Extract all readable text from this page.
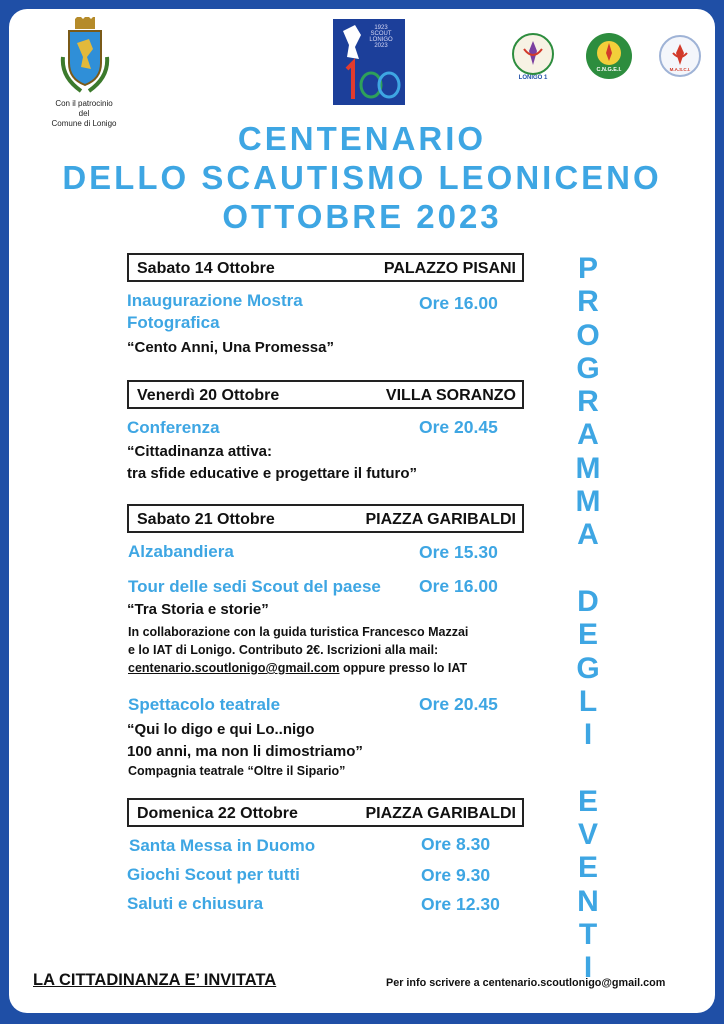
Con il patrocinio
del
Comune di Lonigo
1923
SCOUT
LONIGO
2023
LONIGO 1
C.N.G.E.I.	M.A.S.C.I.
CENTENARIO
DELLO SCAUTISMO LEONICENO
OTTOBRE 2023
P
R
O
G
R
A
M
M
A

D
E
G
L
I

E
V
E
N
T
I
Sabato 14 Ottobre	PALAZZO PISANI
Inaugurazione Mostra
Fotografica
Ore 16.00
“Cento Anni, Una Promessa”
Venerdì 20 Ottobre	VILLA SORANZO
Conferenza	Ore 20.45
“Cittadinanza attiva:
tra sfide educative e progettare il futuro”
Sabato 21 Ottobre	PIAZZA GARIBALDI
Alzabandiera	Ore 15.30
Tour delle sedi Scout del paese Ore 16.00
“Tra Storia e storie”
In collaborazione con la guida turistica Francesco Mazzai
e lo IAT di Lonigo. Contributo 2€. Iscrizioni alla mail:
centenario.scoutlonigo@gmail.com oppure presso lo IAT
Spettacolo teatrale	Ore 20.45
“Qui lo digo e qui Lo..nigo
100 anni, ma non li dimostriamo”
Compagnia teatrale “Oltre il Sipario”
Domenica 22 Ottobre	PIAZZA GARIBALDI
Santa Messa in Duomo	Ore 8.30
Giochi Scout per tutti	Ore 9.30
Saluti e chiusura	Ore 12.30
LA CITTADINANZA E’ INVITATA	Per info scrivere a centenario.scoutlonigo@gmail.com
